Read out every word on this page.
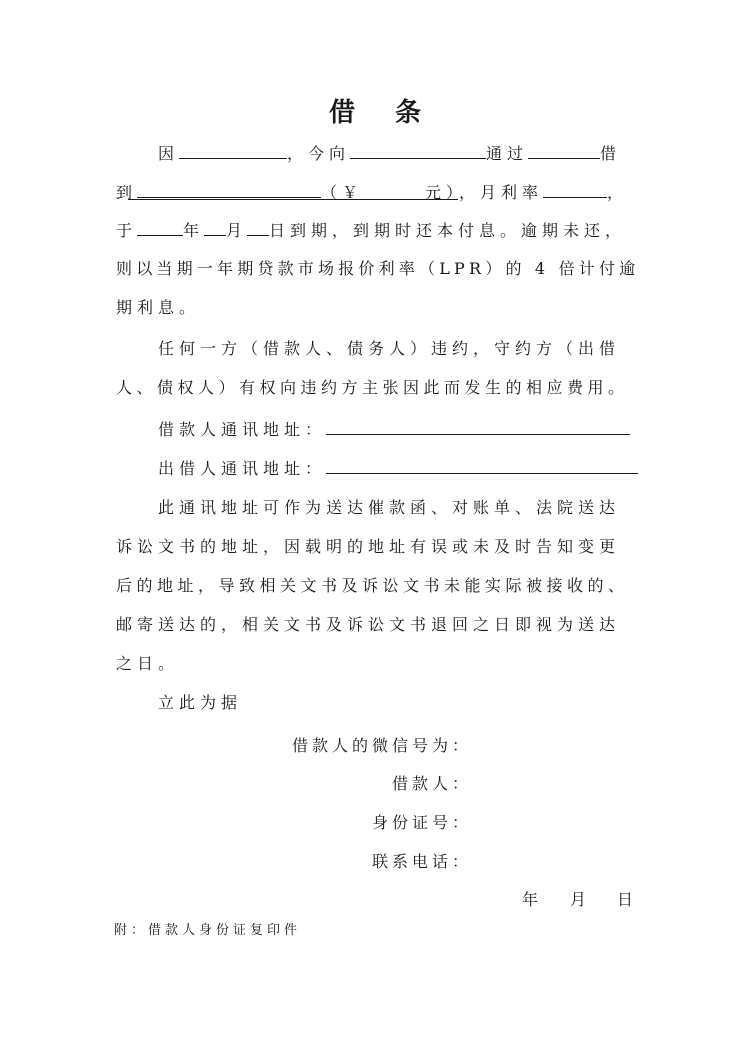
借条
因	，今向	通过	借
到	（￥	元），月利率	，
于	年 月 日到期，到期时还本付息。逾期未还，
则以当期一年期贷款市场报价利率（LPR）的 4 倍计付逾
期利息。
任何一方（借款人、债务人）违约，守约方（出借
人、债权人）有权向违约方主张因此而发生的相应费用。
借款人通讯地址：
出借人通讯地址：
此通讯地址可作为送达催款函、对账单、法院送达
诉讼文书的地址，因载明的地址有误或未及时告知变更
后的地址，导致相关文书及诉讼文书未能实际被接收的、
邮寄送达的，相关文书及诉讼文书退回之日即视为送达
之日。
立此为据
借款人的微信号为：
借款人：
身份证号：
联系电话：
年 月 日
附：借款人身份证复印件
